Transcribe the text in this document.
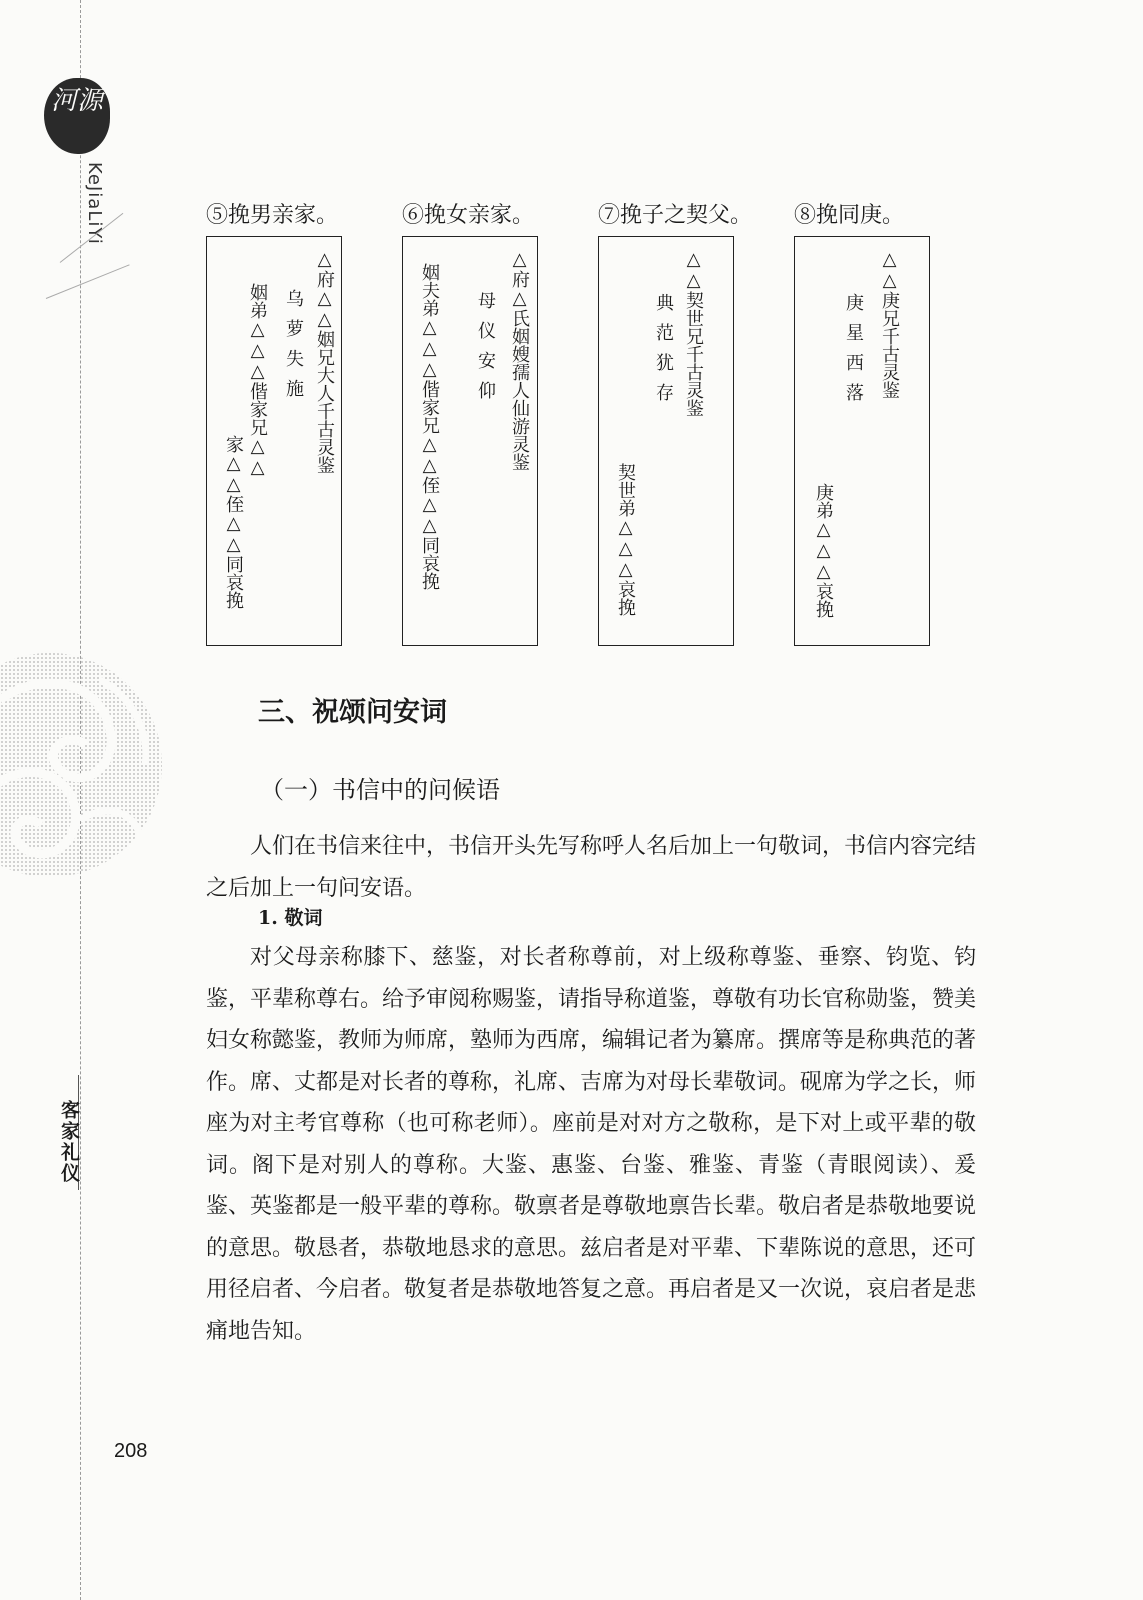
河源
KeJiaLiYi
客家礼仪
⑤挽男亲家。
△府△△姻兄大人千古灵鉴
乌萝失施
姻弟△△△偕家兄△△
家△△侄△△同哀挽
⑥挽女亲家。
△府△氏姻嫂孺人仙游灵鉴
母仪安仰
姻夫弟△△△偕家兄△△侄△△同哀挽
⑦挽子之契父。
△△契世兄千古灵鉴
典范犹存
契世弟△△△哀挽
⑧挽同庚。
△△庚兄千古灵鉴
庚星西落
庚弟△△△哀挽
三、祝颂问安词
（一）书信中的问候语
人们在书信来往中，书信开头先写称呼人名后加上一句敬词，书信内容完结之后加上一句问安语。
1. 敬词
对父母亲称膝下、慈鉴，对长者称尊前，对上级称尊鉴、垂察、钧览、钧鉴，平辈称尊右。给予审阅称赐鉴，请指导称道鉴，尊敬有功长官称勋鉴，赞美妇女称懿鉴，教师为师席，塾师为西席，编辑记者为纂席。撰席等是称典范的著作。席、丈都是对长者的尊称，礼席、吉席为对母长辈敬词。砚席为学之长，师座为对主考官尊称（也可称老师）。座前是对对方之敬称，是下对上或平辈的敬词。阁下是对别人的尊称。大鉴、惠鉴、台鉴、雅鉴、青鉴（青眼阅读）、爰鉴、英鉴都是一般平辈的尊称。敬禀者是尊敬地禀告长辈。敬启者是恭敬地要说的意思。敬恳者，恭敬地恳求的意思。兹启者是对平辈、下辈陈说的意思，还可用径启者、今启者。敬复者是恭敬地答复之意。再启者是又一次说，哀启者是悲痛地告知。
208
